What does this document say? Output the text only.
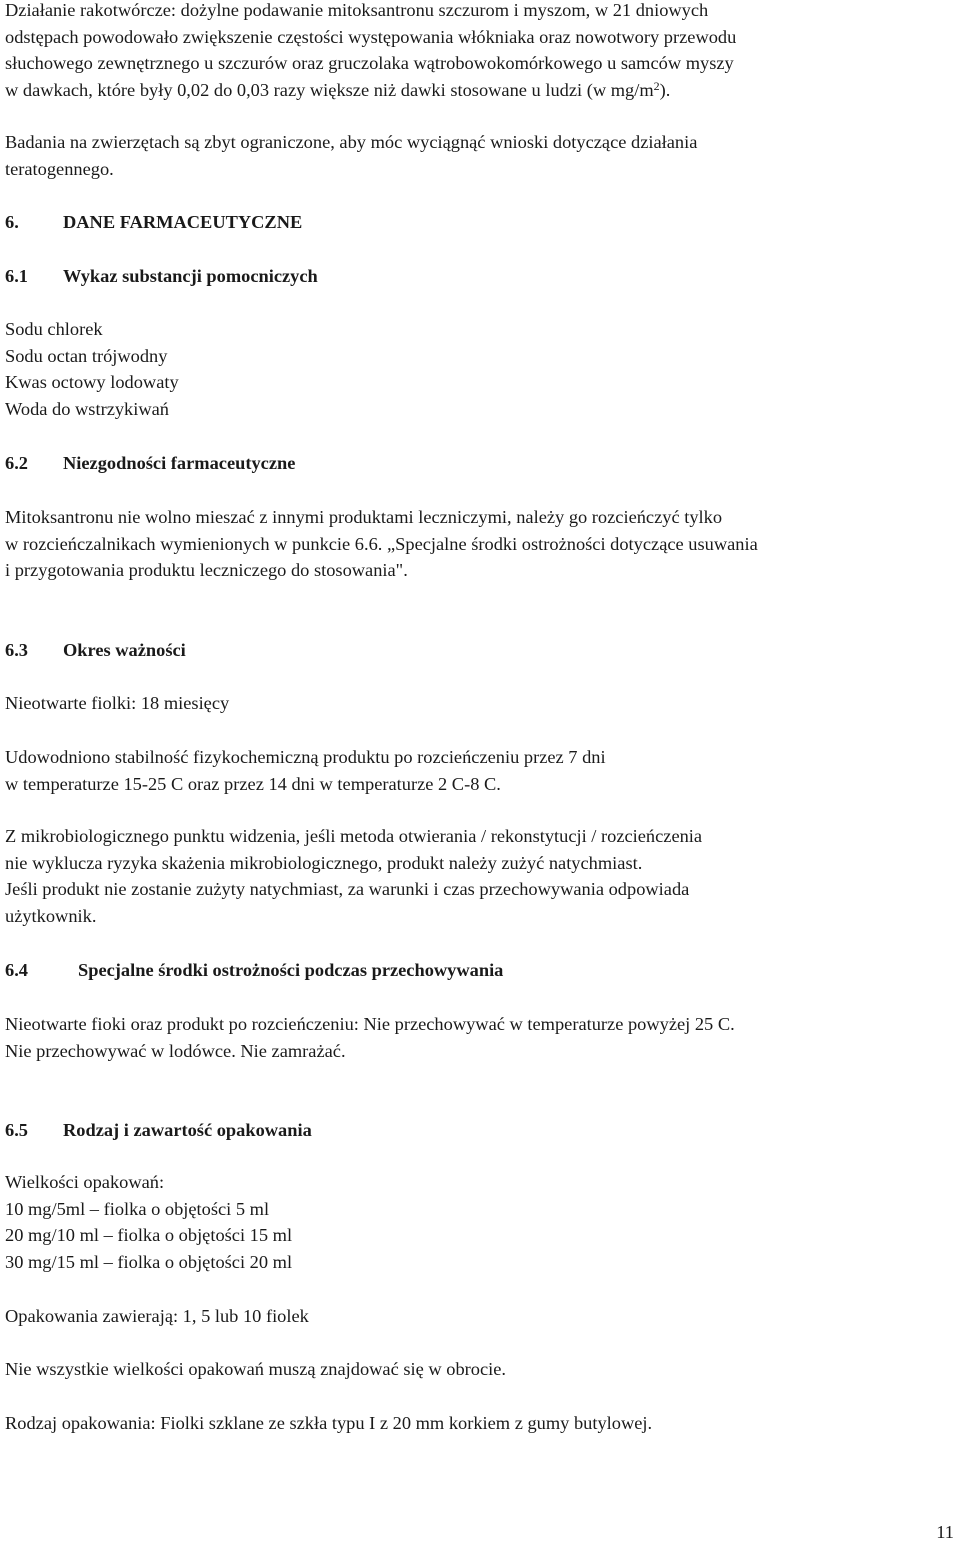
Działanie rakotwórcze: dożylne podawanie mitoksantronu szczurom i myszom, w 21 dniowych
odstępach powodowało zwiększenie częstości występowania włókniaka oraz nowotwory przewodu
słuchowego zewnętrznego u szczurów oraz gruczolaka wątrobowokomórkowego u samców myszy
w dawkach, które były 0,02 do 0,03 razy większe niż dawki stosowane u ludzi (w $mg/m^2$).
Badania na zwierzętach są zbyt ograniczone, aby móc wyciągnąć wnioski dotyczące działania
teratogennego.
6. DANE FARMACEUTYCZNE
6.1 Wykaz substancji pomocniczych
Sodu chlorek
Sodu octan trójwodny
Kwas octowy lodowaty
Woda do wstrzykiwań
6.2 Niezgodności farmaceutyczne
Mitoksantronu nie wolno mieszać z innymi produktami leczniczymi, należy go rozcieńczyć tylko
w rozcieńczalnikach wymienionych w punkcie 6.6. „Specjalne środki ostrożności dotyczące usuwania
i przygotowania produktu leczniczego do stosowania".
6.3 Okres ważności
Nieotwarte fiolki: 18 miesięcy
Udowodniono stabilność fizykochemiczną produktu po rozcieńczeniu przez 7 dni
w temperaturze 15-25 C oraz przez 14 dni w temperaturze 2 C-8 C.
Z mikrobiologicznego punktu widzenia, jeśli metoda otwierania / rekonstytucji / rozcieńczenia
nie wyklucza ryzyka skażenia mikrobiologicznego, produkt należy zużyć natychmiast.
Jeśli produkt nie zostanie zużyty natychmiast, za warunki i czas przechowywania odpowiada
użytkownik.
6.4	Specjalne środki ostrożności podczas przechowywania
Nieotwarte fioki oraz produkt po rozcieńczeniu: Nie przechowywać w temperaturze powyżej 25 C.
Nie przechowywać w lodówce. Nie zamrażać.
6.5 Rodzaj i zawartość opakowania
Wielkości opakowań:
10 mg/5ml – fiolka o objętości 5 ml
20 mg/10 ml – fiolka o objętości 15 ml
30 mg/15 ml – fiolka o objętości 20 ml
Opakowania zawierają: 1, 5 lub 10 fiolek
Nie wszystkie wielkości opakowań muszą znajdować się w obrocie.
Rodzaj opakowania: Fiolki szklane ze szkła typu I z 20 mm korkiem z gumy butylowej.
11
